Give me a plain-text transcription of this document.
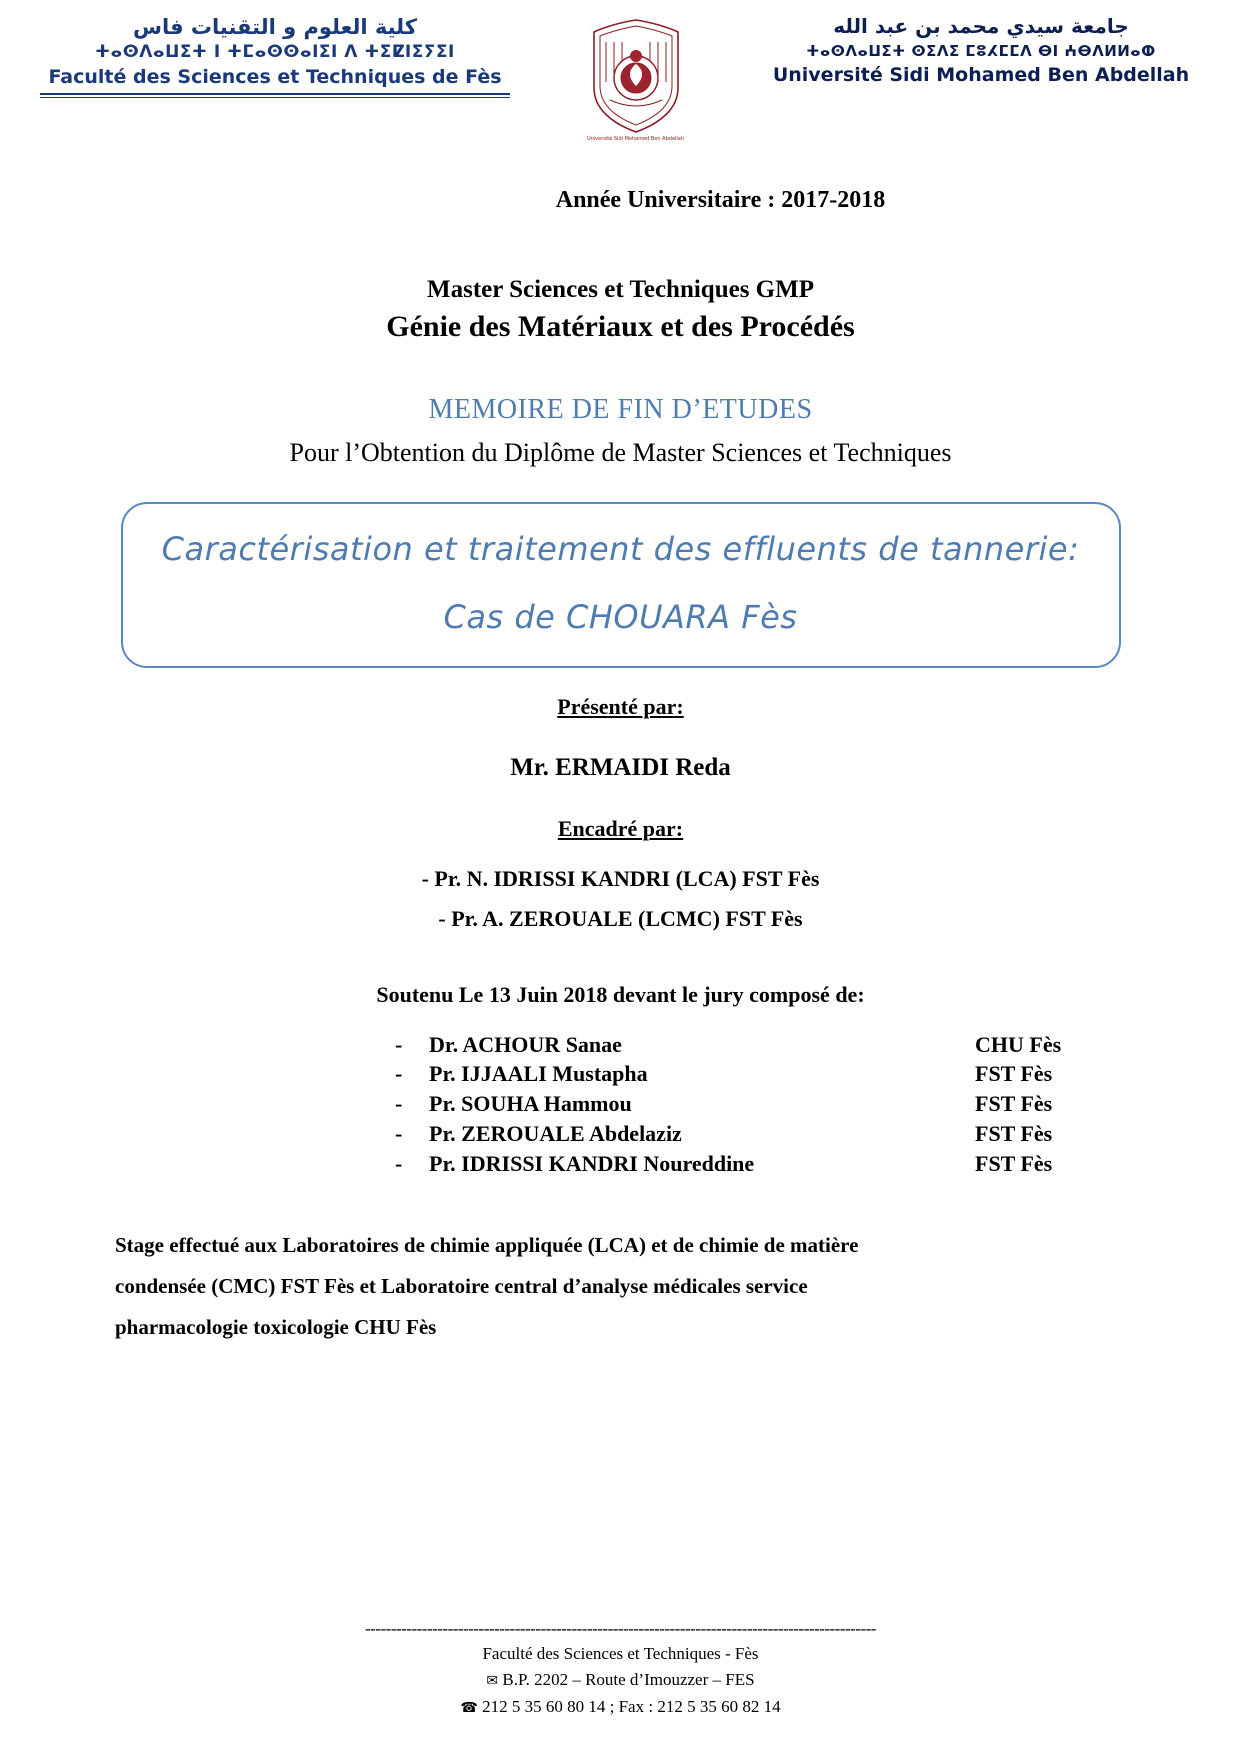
كلية العلوم و التقنيات فاس
ⵜⴰⵙⴷⴰⵡⵉⵜ ⵏ ⵜⵎⴰⵙⵙⴰⵏⵉⵏ ⴷ ⵜⵉⵇⵏⵉⵢⵉⵏ
Faculté des Sciences et Techniques de Fès
Université Sidi Mohamed Ben Abdellah
جامعة سيدي محمد بن عبد الله
ⵜⴰⵙⴷⴰⵡⵉⵜ ⵙⵉⴷⵉ ⵎⵓⵃⵎⵎⴷ ⴱⵏ ⵄⴱⴷⵍⵍⴰⵀ
Université Sidi Mohamed Ben Abdellah
Année Universitaire : 2017-2018
Master Sciences et Techniques GMP
Génie des Matériaux et des Procédés
MEMOIRE DE FIN D’ETUDES
Pour l’Obtention du Diplôme de Master Sciences et Techniques
Caractérisation et traitement des effluents de tannerie:
Cas de CHOUARA Fès
Présenté par:
Mr. ERMAIDI Reda
Encadré par:
- Pr. N. IDRISSI KANDRI (LCA) FST Fès
- Pr. A. ZEROUALE (LCMC) FST Fès
Soutenu Le 13 Juin 2018 devant le jury composé de:
-	Dr. ACHOUR Sanae	CHU Fès
-	Pr. IJJAALI Mustapha	FST Fès
-	Pr. SOUHA Hammou	FST Fès
-	Pr. ZEROUALE Abdelaziz	FST Fès
-	Pr. IDRISSI KANDRI Noureddine	FST Fès
Stage effectué aux Laboratoires de chimie appliquée (LCA) et de chimie de matière
condensée (CMC) FST Fès et Laboratoire central d’analyse médicales service
pharmacologie toxicologie CHU Fès
---------------------------------------------------------------------------------------------------
Faculté des Sciences et Techniques - Fès
✉ B.P. 2202 – Route d’Imouzzer – FES
☎ 212 5 35 60 80 14 ; Fax : 212 5 35 60 82 14
